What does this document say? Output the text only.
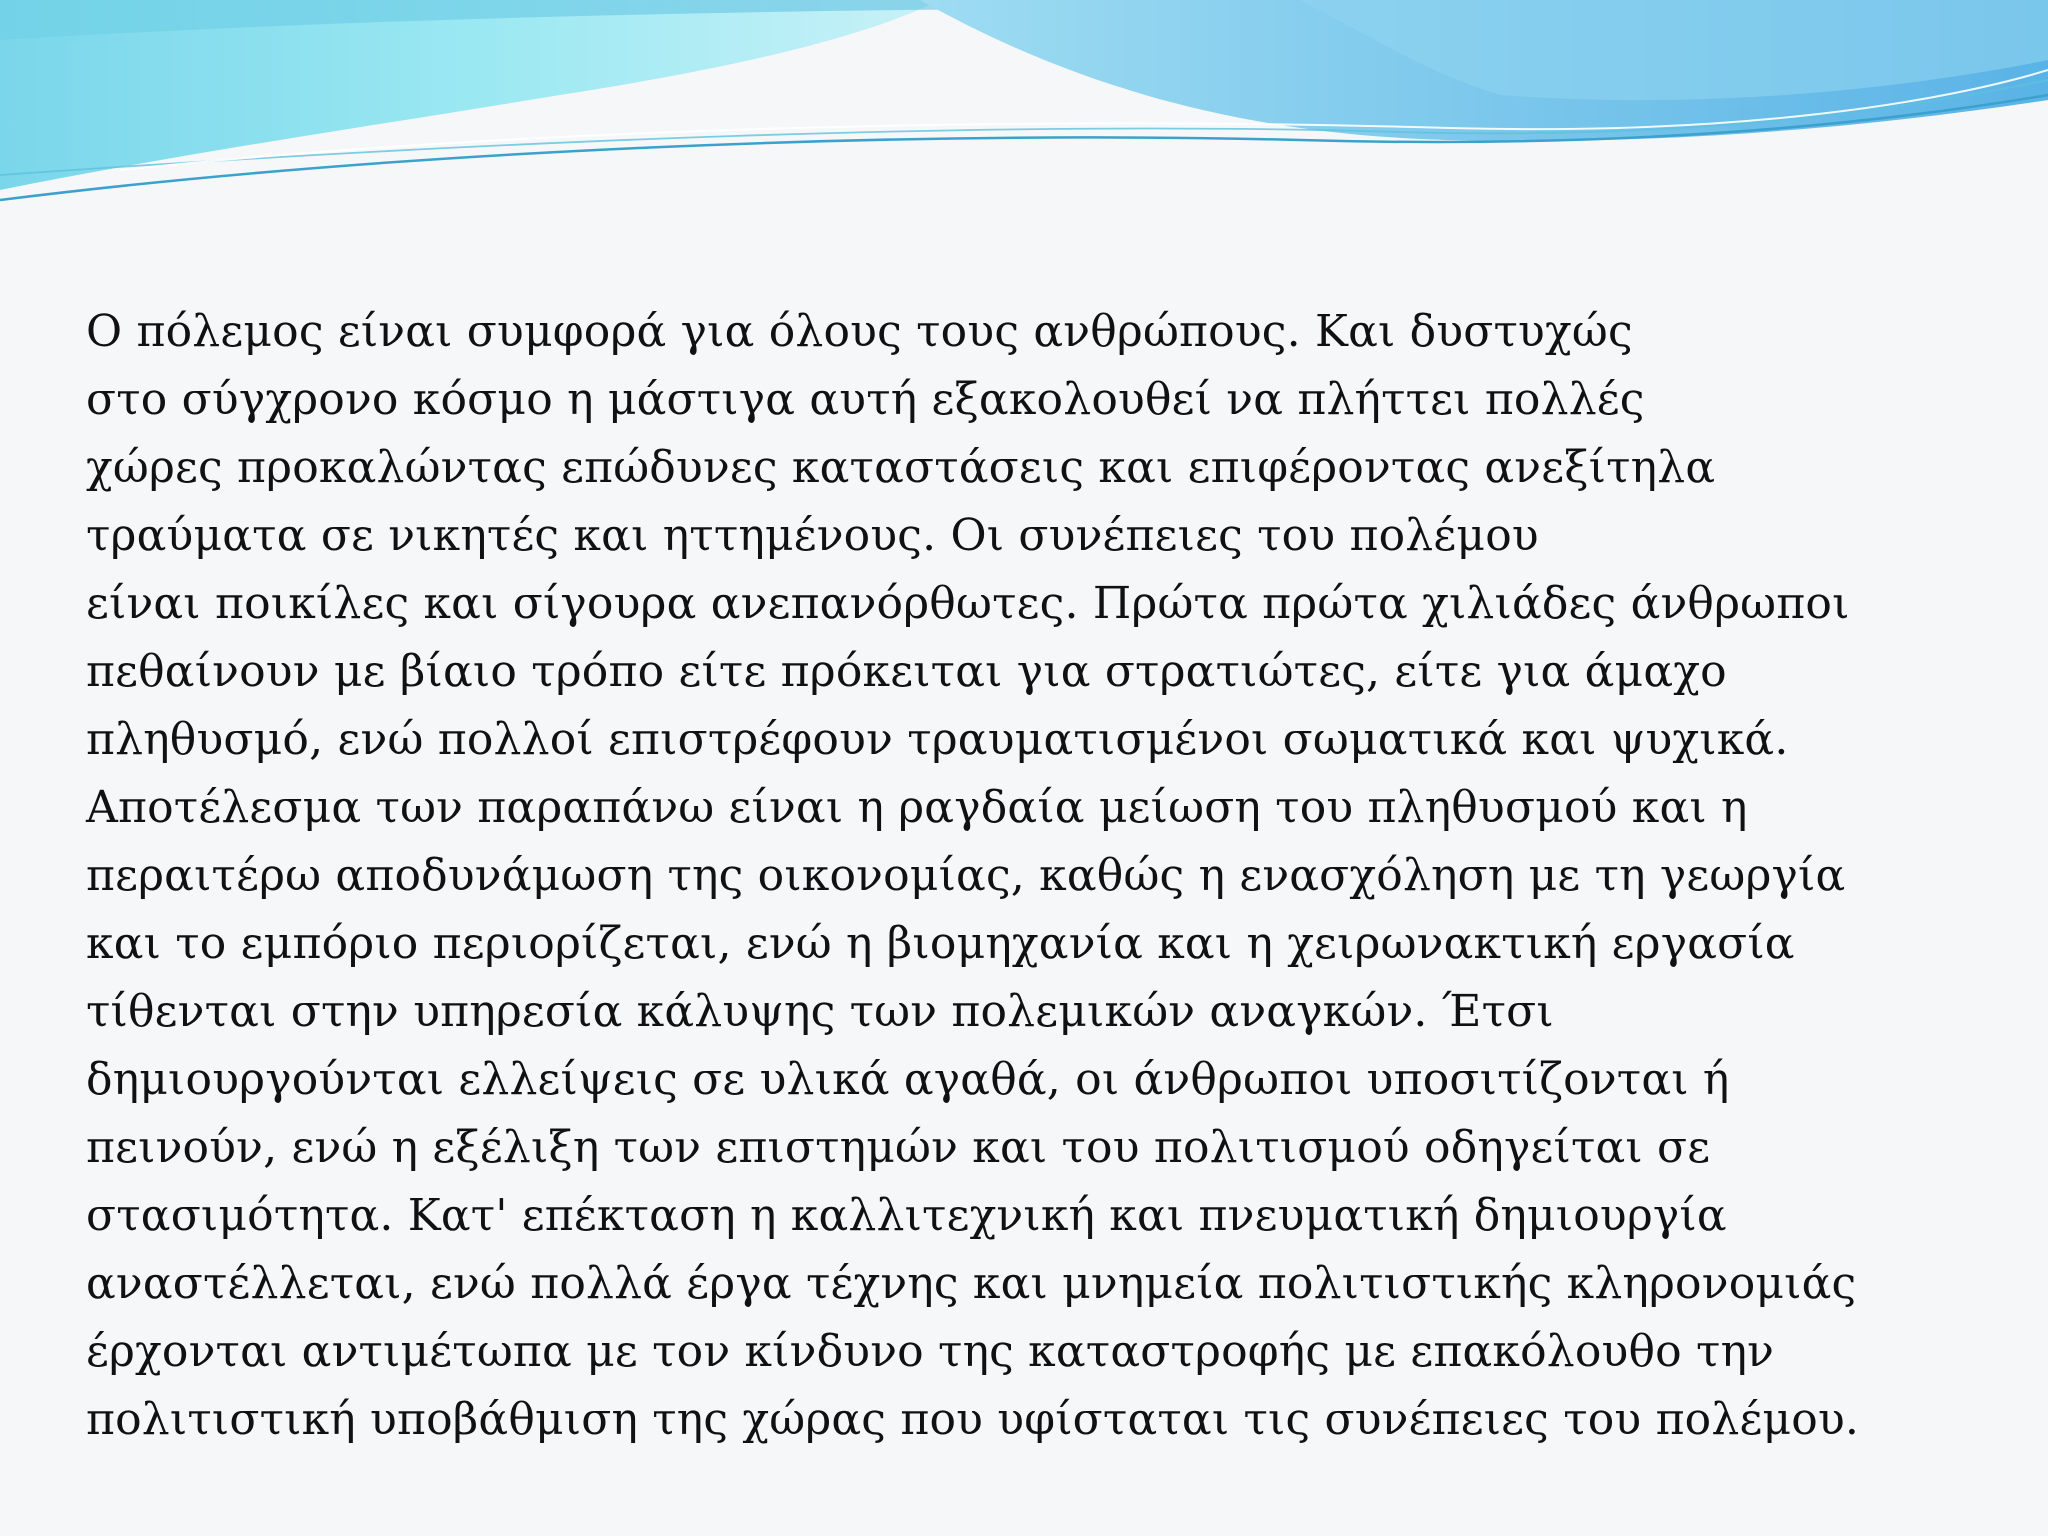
Ο πόλεμος είναι συμφορά για όλους τους ανθρώπους. Και δυστυχώς
στο σύγχρονο κόσμο η μάστιγα αυτή εξακολουθεί να πλήττει πολλές
χώρες προκαλώντας επώδυνες καταστάσεις και επιφέροντας ανεξίτηλα
τραύματα σε νικητές και ηττημένους. Οι συνέπειες του πολέμου
είναι ποικίλες και σίγουρα ανεπανόρθωτες. Πρώτα πρώτα χιλιάδες άνθρωποι
πεθαίνουν με βίαιο τρόπο είτε πρόκειται για στρατιώτες, είτε για άμαχο
πληθυσμό, ενώ πολλοί επιστρέφουν τραυματισμένοι σωματικά και ψυχικά.
Αποτέλεσμα των παραπάνω είναι η ραγδαία μείωση του πληθυσμού και η
περαιτέρω αποδυνάμωση της οικονομίας, καθώς η ενασχόληση με τη γεωργία
και το εμπόριο περιορίζεται, ενώ η βιομηχανία και η χειρωνακτική εργασία
τίθενται στην υπηρεσία κάλυψης των πολεμικών αναγκών. Έτσι
δημιουργούνται ελλείψεις σε υλικά αγαθά, οι άνθρωποι υποσιτίζονται ή
πεινούν, ενώ η εξέλιξη των επιστημών και του πολιτισμού οδηγείται σε
στασιμότητα. Κατ' επέκταση η καλλιτεχνική και πνευματική δημιουργία
αναστέλλεται, ενώ πολλά έργα τέχνης και μνημεία πολιτιστικής κληρονομιάς
έρχονται αντιμέτωπα με τον κίνδυνο της καταστροφής με επακόλουθο την
πολιτιστική υποβάθμιση της χώρας που υφίσταται τις συνέπειες του πολέμου.
